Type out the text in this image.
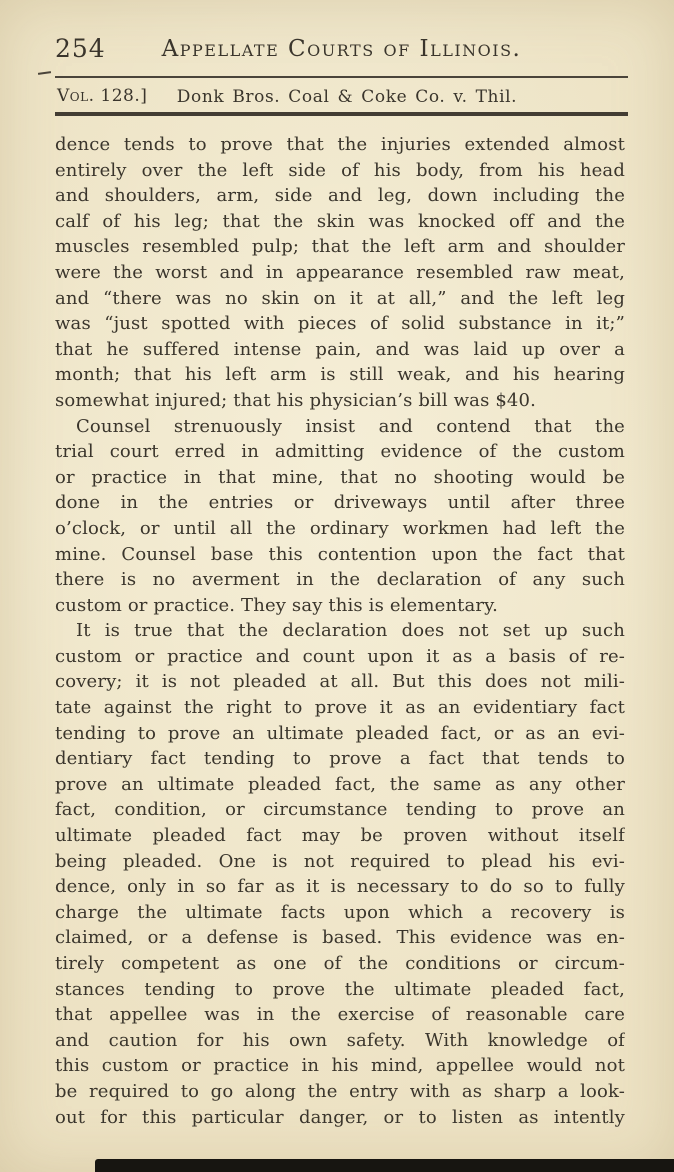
254	Appellate Courts of Illinois.
Vol. 128.]	Donk Bros. Coal & Coke Co. v. Thil.
dence tends to prove that the injuries extended almost
entirely over the left side of his body, from his head
and shoulders, arm, side and leg, down including the
calf of his leg; that the skin was knocked off and the
muscles resembled pulp; that the left arm and shoulder
were the worst and in appearance resembled raw meat,
and “there was no skin on it at all,” and the left leg
was “just spotted with pieces of solid substance in it;”
that he suffered intense pain, and was laid up over a
month; that his left arm is still weak, and his hearing
somewhat injured; that his physician’s bill was $40.
Counsel strenuously insist and contend that the
trial court erred in admitting evidence of the custom
or practice in that mine, that no shooting would be
done in the entries or driveways until after three
o’clock, or until all the ordinary workmen had left the
mine. Counsel base this contention upon the fact that
there is no averment in the declaration of any such
custom or practice. They say this is elementary.
It is true that the declaration does not set up such
custom or practice and count upon it as a basis of re-
covery; it is not pleaded at all. But this does not mili-
tate against the right to prove it as an evidentiary fact
tending to prove an ultimate pleaded fact, or as an evi-
dentiary fact tending to prove a fact that tends to
prove an ultimate pleaded fact, the same as any other
fact, condition, or circumstance tending to prove an
ultimate pleaded fact may be proven without itself
being pleaded. One is not required to plead his evi-
dence, only in so far as it is necessary to do so to fully
charge the ultimate facts upon which a recovery is
claimed, or a defense is based. This evidence was en-
tirely competent as one of the conditions or circum-
stances tending to prove the ultimate pleaded fact,
that appellee was in the exercise of reasonable care
and caution for his own safety. With knowledge of
this custom or practice in his mind, appellee would not
be required to go along the entry with as sharp a look-
out for this particular danger, or to listen as intently
